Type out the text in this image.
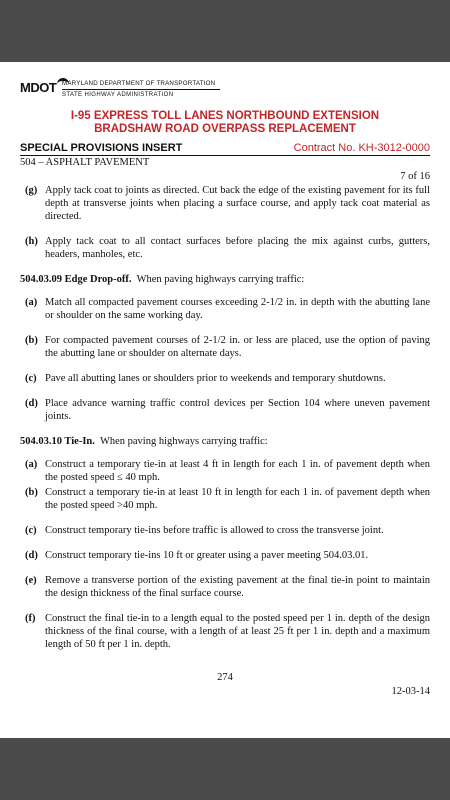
MDOT MARYLAND DEPARTMENT OF TRANSPORTATION
STATE HIGHWAY ADMINISTRATION
I-95 EXPRESS TOLL LANES NORTHBOUND EXTENSION
BRADSHAW ROAD OVERPASS REPLACEMENT
SPECIAL PROVISIONS INSERT	Contract No. KH-3012-0000
504 – ASPHALT PAVEMENT
7 of 16
(g) Apply tack coat to joints as directed. Cut back the edge of the existing pavement for its full depth at transverse joints when placing a surface course, and apply tack coat material as directed.
(h) Apply tack coat to all contact surfaces before placing the mix against curbs, gutters, headers, manholes, etc.
504.03.09 Edge Drop-off. When paving highways carrying traffic:
(a) Match all compacted pavement courses exceeding 2-1/2 in. in depth with the abutting lane or shoulder on the same working day.
(b) For compacted pavement courses of 2-1/2 in. or less are placed, use the option of paving the abutting lane or shoulder on alternate days.
(c) Pave all abutting lanes or shoulders prior to weekends and temporary shutdowns.
(d) Place advance warning traffic control devices per Section 104 where uneven pavement joints.
504.03.10 Tie-In. When paving highways carrying traffic:
(a) Construct a temporary tie-in at least 4 ft in length for each 1 in. of pavement depth when the posted speed ≤ 40 mph.
(b) Construct a temporary tie-in at least 10 ft in length for each 1 in. of pavement depth when the posted speed >40 mph.
(c) Construct temporary tie-ins before traffic is allowed to cross the transverse joint.
(d) Construct temporary tie-ins 10 ft or greater using a paver meeting 504.03.01.
(e) Remove a transverse portion of the existing pavement at the final tie-in point to maintain the design thickness of the final surface course.
(f) Construct the final tie-in to a length equal to the posted speed per 1 in. depth of the design thickness of the final course, with a length of at least 25 ft per 1 in. depth and a maximum length of 50 ft per 1 in. depth.
274
12-03-14
